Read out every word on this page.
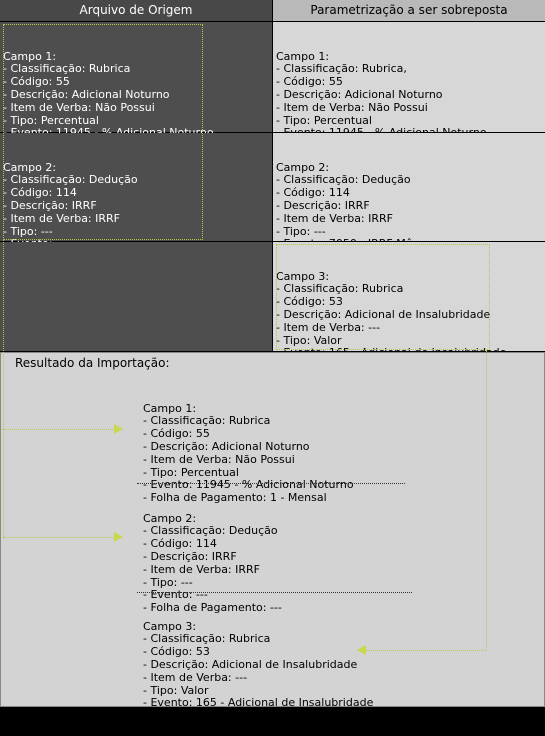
Arquivo de Origem	Parametrização a ser sobreposta

Campo 1:
- Classificação: Rubrica
- Código: 55
- Descrição: Adicional Noturno
- Item de Verba: Não Possui
- Tipo: Percentual

Campo 2:
- Classificação: Dedução
- Código: 114
- Descrição: IRRF
- Item de Verba: IRRF
- Tipo: ---

Campo 1:
- Classificação: Rubrica,
- Código: 55
- Descrição: Adicional Noturno
- Item de Verba: Não Possui
- Tipo: Percentual

Campo 2:
- Classificação: Dedução
- Código: 114
- Descrição: IRRF
- Item de Verba: IRRF
- Tipo: ---

Campo 3:
- Classificação: Rubrica
- Código: 53
- Descrição: Adicional de Insalubridade
- Item de Verba: ---
- Tipo: Valor

Resultado da Importação:

Campo 1:
- Classificação: Rubrica
- Código: 55
- Descrição: Adicional Noturno
- Item de Verba: Não Possui
- Tipo: Percentual
- Evento: 11945 - % Adicional Noturno
- Folha de Pagamento: 1 - Mensal

Campo 2:
- Classificação: Dedução
- Código: 114
- Descrição: IRRF
- Item de Verba: IRRF
- Tipo: ---
- Evento: ---
- Folha de Pagamento: ---

Campo 3:
- Classificação: Rubrica
- Código: 53
- Descrição: Adicional de Insalubridade
- Item de Verba: ---
- Tipo: Valor
- Evento: 165 - Adicional de Insalubridade
- Folha de Pagamento: 1 Mensal
